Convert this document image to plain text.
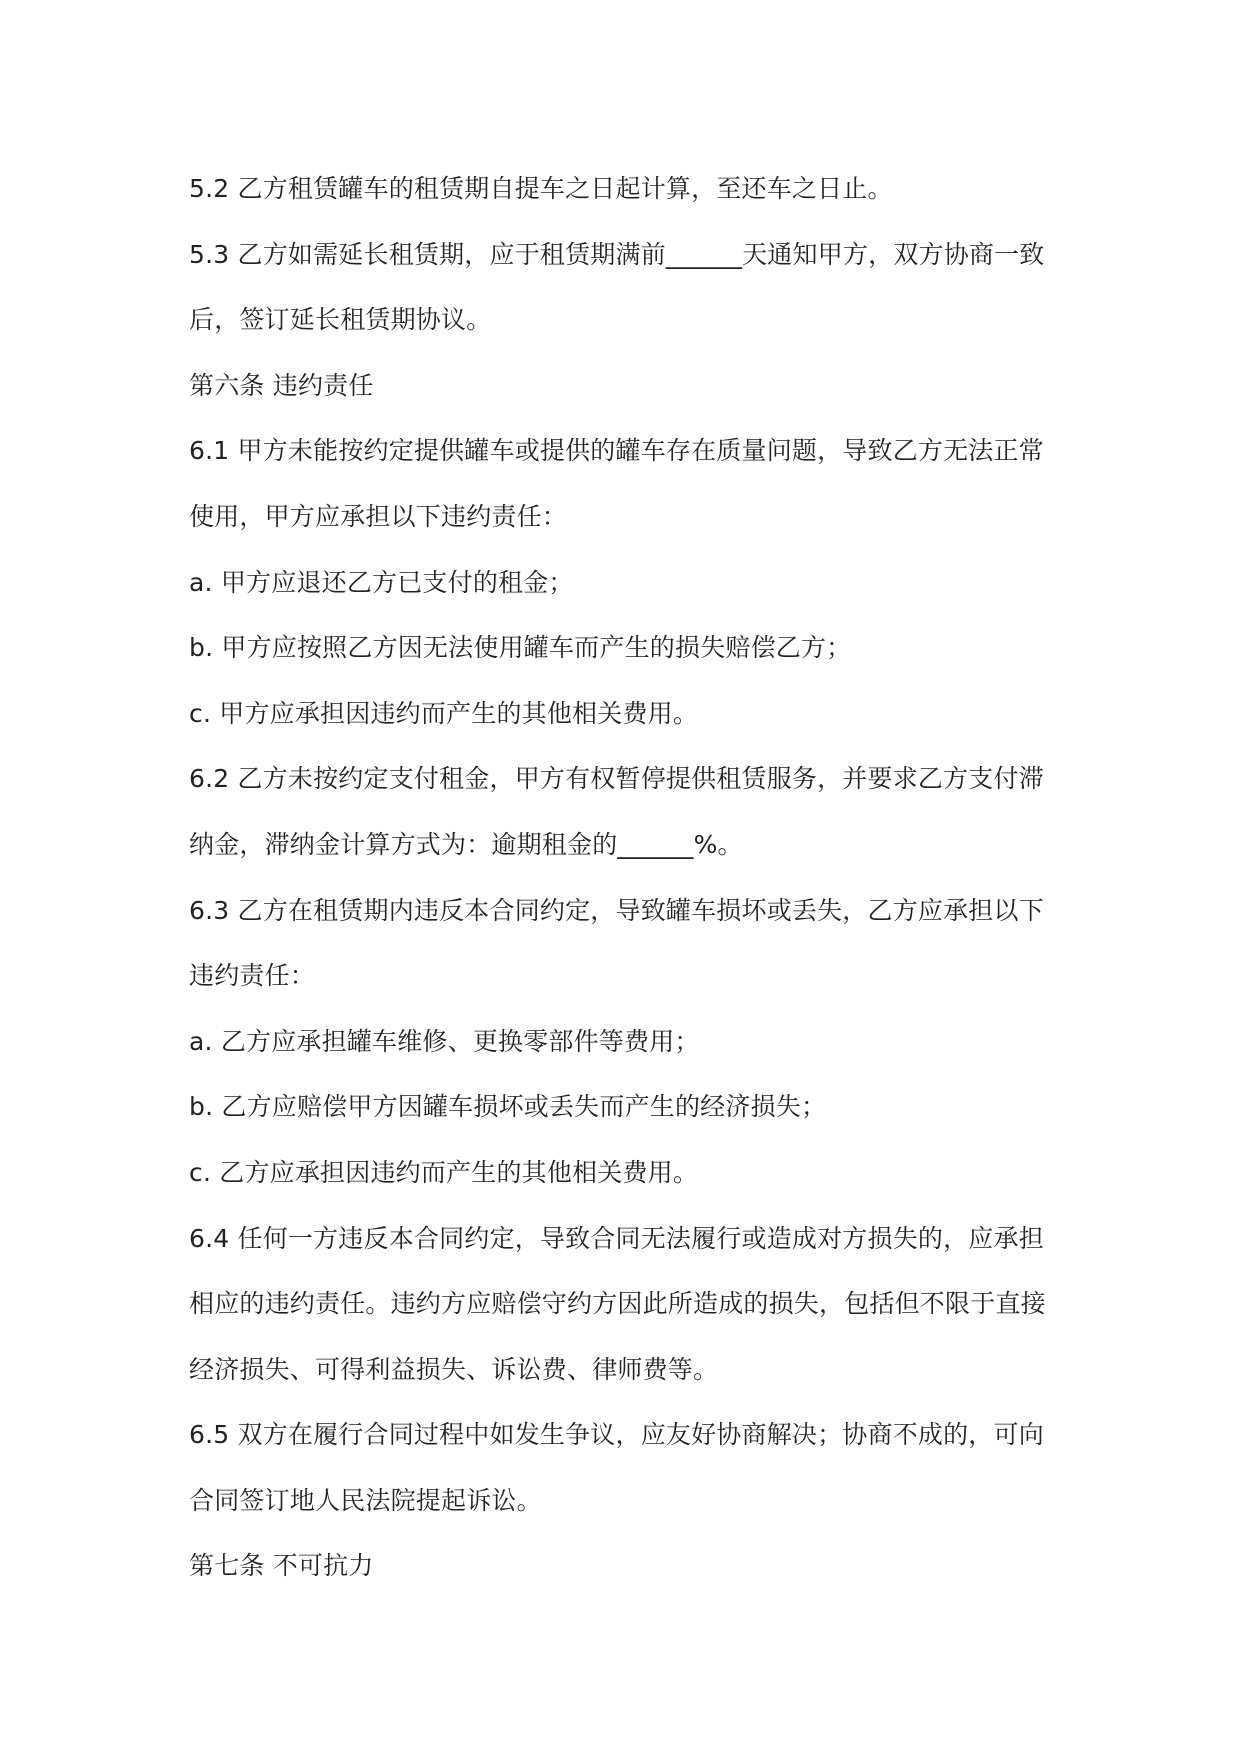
5.2 乙方租赁罐车的租赁期自提车之日起计算，至还车之日止。
5.3 乙方如需延长租赁期，应于租赁期满前______天通知甲方，双方协商一致
后，签订延长租赁期协议。
第六条 违约责任
6.1 甲方未能按约定提供罐车或提供的罐车存在质量问题，导致乙方无法正常
使用，甲方应承担以下违约责任：
a. 甲方应退还乙方已支付的租金；
b. 甲方应按照乙方因无法使用罐车而产生的损失赔偿乙方；
c. 甲方应承担因违约而产生的其他相关费用。
6.2 乙方未按约定支付租金，甲方有权暂停提供租赁服务，并要求乙方支付滞
纳金，滞纳金计算方式为：逾期租金的______%。
6.3 乙方在租赁期内违反本合同约定，导致罐车损坏或丢失，乙方应承担以下
违约责任：
a. 乙方应承担罐车维修、更换零部件等费用；
b. 乙方应赔偿甲方因罐车损坏或丢失而产生的经济损失；
c. 乙方应承担因违约而产生的其他相关费用。
6.4 任何一方违反本合同约定，导致合同无法履行或造成对方损失的，应承担
相应的违约责任。违约方应赔偿守约方因此所造成的损失，包括但不限于直接
经济损失、可得利益损失、诉讼费、律师费等。
6.5 双方在履行合同过程中如发生争议，应友好协商解决；协商不成的，可向
合同签订地人民法院提起诉讼。
第七条 不可抗力
